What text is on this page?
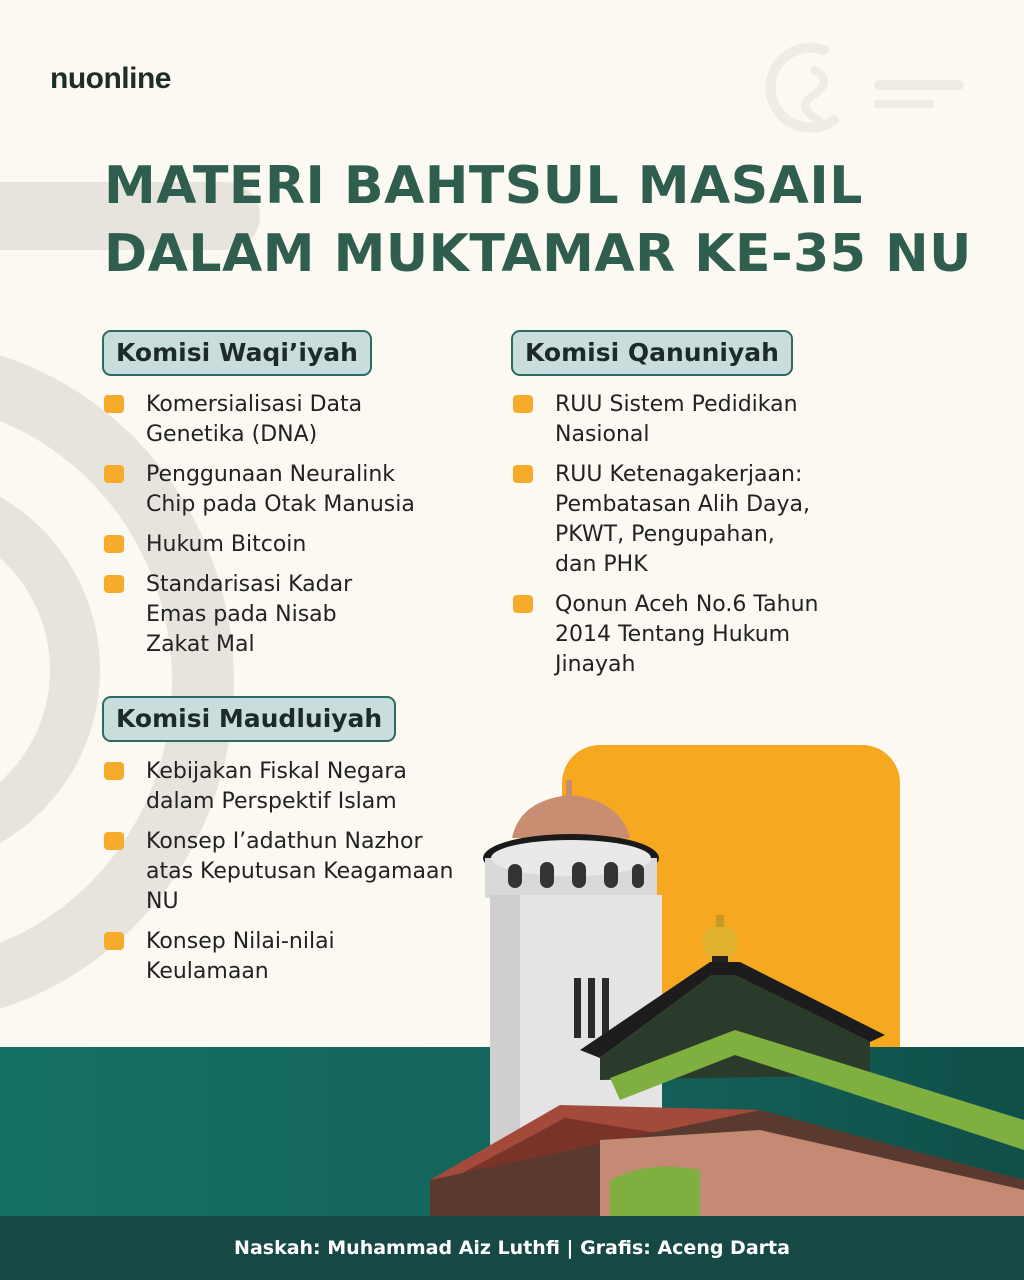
nuonline
MATERI BAHTSUL MASAIL
DALAM MUKTAMAR KE-35 NU
Komisi Waqi’iyah
Komersialisasi Data
Genetika (DNA)
Penggunaan Neuralink
Chip pada Otak Manusia
Hukum Bitcoin
Standarisasi Kadar
Emas pada Nisab
Zakat Mal
Komisi Qanuniyah
RUU Sistem Pedidikan
Nasional
RUU Ketenagakerjaan:
Pembatasan Alih Daya,
PKWT, Pengupahan,
dan PHK
Qonun Aceh No.6 Tahun
2014 Tentang Hukum
Jinayah
Komisi Maudluiyah
Kebijakan Fiskal Negara
dalam Perspektif Islam
Konsep I’adathun Nazhor
atas Keputusan Keagamaan
NU
Konsep Nilai-nilai
Keulamaan
Naskah: Muhammad Aiz Luthfi | Grafis: Aceng Darta
